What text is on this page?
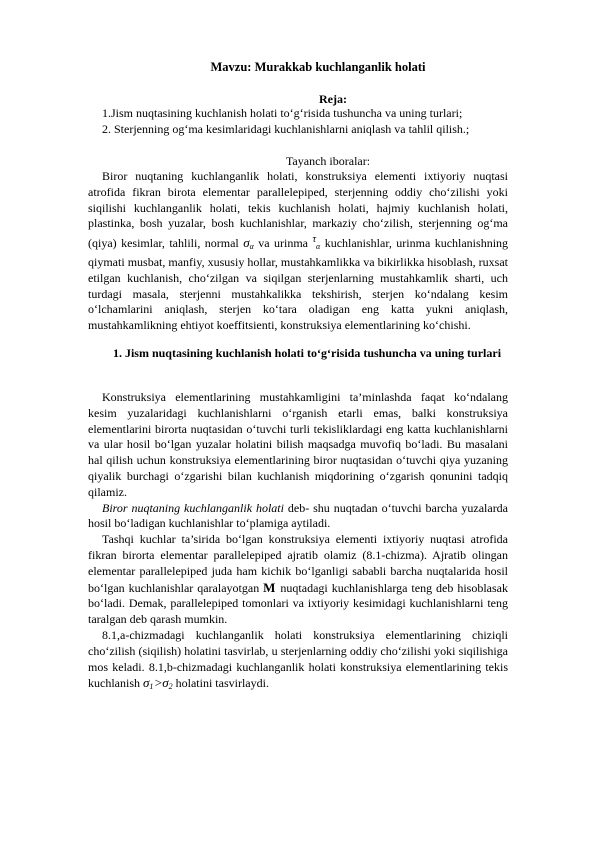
Mavzu: Murakkab kuchlanganlik holati
Reja:
1.Jism nuqtasining kuchlanish holati to‘g‘risida tushuncha va uning turlari;
2. Sterjenning og‘ma kesimlaridagi kuchlanishlarni aniqlash va tahlil qilish.;
Tayanch iboralar:

Biror nuqtaning kuchlanganlik holati, konstruksiya elementi ixtiyoriy nuqtasi atrofida fikran birota elementar parallelepiped, sterjenning oddiy cho‘zilishi yoki siqilishi kuchlanganlik holati, tekis kuchlanish holati, hajmiy kuchlanish holati, plastinka, bosh yuzalar, bosh kuchlanishlar, markaziy cho‘zilish, sterjenning og‘ma (qiya) kesimlar, tahlili, normal $\sigma_\alpha$ va urinma $^\tau_\alpha$ kuchlanishlar, urinma kuchlanishning qiymati musbat, manfiy, xususiy hollar, mustahkamlikka va bikirlikka hisoblash, ruxsat etilgan kuchlanish, cho‘zilgan va siqilgan sterjenlarning mustahkamlik sharti, uch turdagi masala, sterjenni mustahkalikka tekshirish, sterjen ko‘ndalang kesim o‘lchamlarini aniqlash, sterjen ko‘tara oladigan eng katta yukni aniqlash, mustahkamlikning ehtiyot koeffitsienti, konstruksiya elementlarining ko‘chishi.

1. Jism nuqtasining kuchlanish holati to‘g‘risida tushuncha va uning turlari

Konstruksiya elementlarining mustahkamligini ta’minlashda faqat ko‘ndalang kesim yuzalaridagi kuchlanishlarni o‘rganish etarli emas, balki konstruksiya elementlarini birorta nuqtasidan o‘tuvchi turli tekisliklardagi eng katta kuchlanishlarni va ular hosil bo‘lgan yuzalar holatini bilish maqsadga muvofiq bo‘ladi. Bu masalani hal qilish uchun konstruksiya elementlarining biror nuqtasidan o‘tuvchi qiya yuzaning qiyalik burchagi o‘zgarishi bilan kuchlanish miqdorining o‘zgarish qonunini tadqiq qilamiz.

Biror nuqtaning kuchlanganlik holati deb- shu nuqtadan o‘tuvchi barcha yuzalarda hosil bo‘ladigan kuchlanishlar to‘plamiga aytiladi.

Tashqi kuchlar ta’sirida bo‘lgan konstruksiya elementi ixtiyoriy nuqtasi atrofida fikran birorta elementar parallelepiped ajratib olamiz (8.1-chizma). Ajratib olingan elementar parallelepiped juda ham kichik bo‘lganligi sababli barcha nuqtalarida hosil bo‘lgan kuchlanishlar qaralayotgan M nuqtadagi kuchlanishlarga teng deb hisoblasak bo‘ladi. Demak, parallelepiped tomonlari va ixtiyoriy kesimidagi kuchlanishlarni teng taralgan deb qarash mumkin.

8.1,a-chizmadagi kuchlanganlik holati konstruksiya elementlarining chiziqli cho‘zilish (siqilish) holatini tasvirlab, u sterjenlarning oddiy cho‘zilishi yoki siqilishiga mos keladi. 8.1,b-chizmadagi kuchlanganlik holati konstruksiya elementlarining tekis kuchlanish $\sigma_1˃\sigma_2$ holatini tasvirlaydi.
